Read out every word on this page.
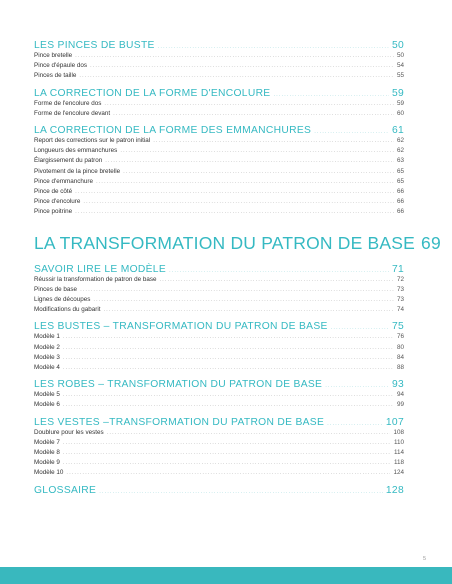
LES PINCES DE BUSTE .....	50
Pince bretelle .....	50
Pince d'épaule dos .....	54
Pinces de taille .....	55
LA CORRECTION DE LA FORME D'ENCOLURE .....	59
Forme de l'encolure dos .....	59
Forme de l'encolure devant .....	60
LA CORRECTION DE LA FORME DES EMMANCHURES .....	61
Report des corrections sur le patron initial .....	62
Longueurs des emmanchures .....	62
Élargissement du patron .....	63
Pivotement de la pince bretelle .....	65
Pince d'emmanchure .....	65
Pince de côté .....	66
Pince d'encolure .....	66
Pince poitrine .....	66
LA TRANSFORMATION DU PATRON DE BASE 69
SAVOIR LIRE LE MODÈLE .....	71
Réussir la transformation de patron de base .....	72
Pinces de base .....	73
Lignes de découpes .....	73
Modifications du gabarit .....	74
LES BUSTES – TRANSFORMATION DU PATRON DE BASE .....	75
Modèle 1 .....	76
Modèle 2 .....	80
Modèle 3 .....	84
Modèle 4 .....	88
LES ROBES – TRANSFORMATION DU PATRON DE BASE .....	93
Modèle 5 .....	94
Modèle 6 .....	99
LES VESTES –TRANSFORMATION DU PATRON DE BASE .....	107
Doublure pour les vestes .....	108
Modèle 7 .....	110
Modèle 8 .....	114
Modèle 9 .....	118
Modèle 10 .....	124
GLOSSAIRE .....	128
5
